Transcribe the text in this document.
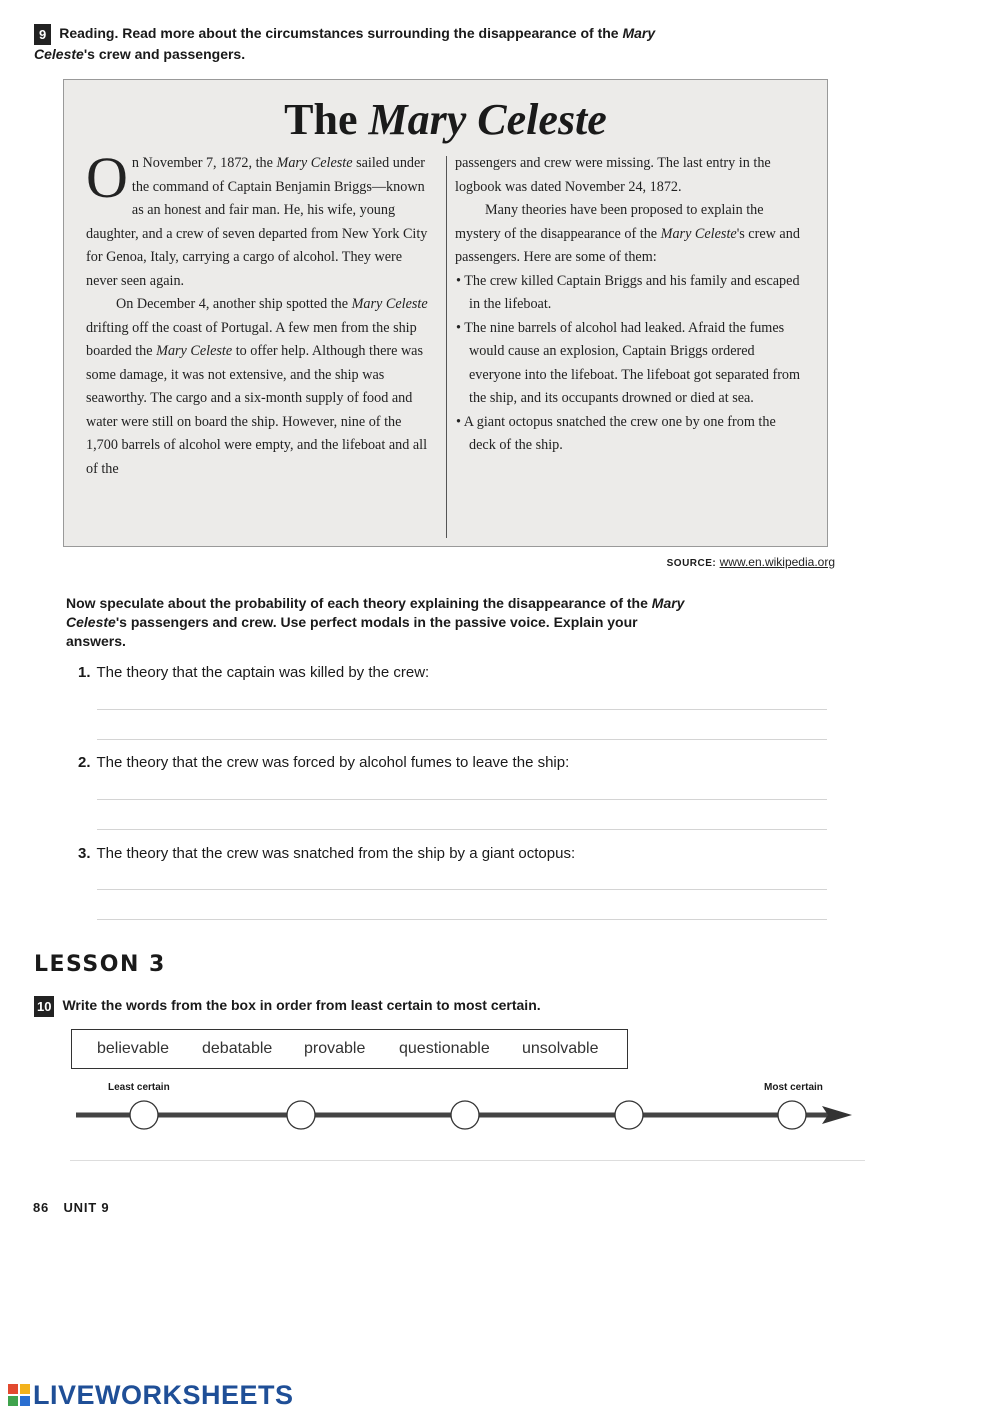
9 Reading. Read more about the circumstances surrounding the disappearance of the Mary Celeste's crew and passengers.
The Mary Celeste

On November 7, 1872, the Mary Celeste sailed under the command of Captain Benjamin Briggs—known as an honest and fair man. He, his wife, young daughter, and a crew of seven departed from New York City for Genoa, Italy, carrying a cargo of alcohol. They were never seen again.

On December 4, another ship spotted the Mary Celeste drifting off the coast of Portugal. A few men from the ship boarded the Mary Celeste to offer help. Although there was some damage, it was not extensive, and the ship was seaworthy. The cargo and a six-month supply of food and water were still on board the ship. However, nine of the 1,700 barrels of alcohol were empty, and the lifeboat and all of the

passengers and crew were missing. The last entry in the logbook was dated November 24, 1872.

Many theories have been proposed to explain the mystery of the disappearance of the Mary Celeste's crew and passengers. Here are some of them:

• The crew killed Captain Briggs and his family and escaped in the lifeboat.

• The nine barrels of alcohol had leaked. Afraid the fumes would cause an explosion, Captain Briggs ordered everyone into the lifeboat. The lifeboat got separated from the ship, and its occupants drowned or died at sea.

• A giant octopus snatched the crew one by one from the deck of the ship.

SOURCE: www.en.wikipedia.org
Now speculate about the probability of each theory explaining the disappearance of the Mary Celeste's passengers and crew. Use perfect modals in the passive voice. Explain your answers.
1. The theory that the captain was killed by the crew:
2. The theory that the crew was forced by alcohol fumes to leave the ship:
3. The theory that the crew was snatched from the ship by a giant octopus:
LESSON 3
10 Write the words from the box in order from least certain to most certain.
believable debatable provable questionable unsolvable
Least certain	Most certain
86 UNIT 9
LIVEWORKSHEETS
